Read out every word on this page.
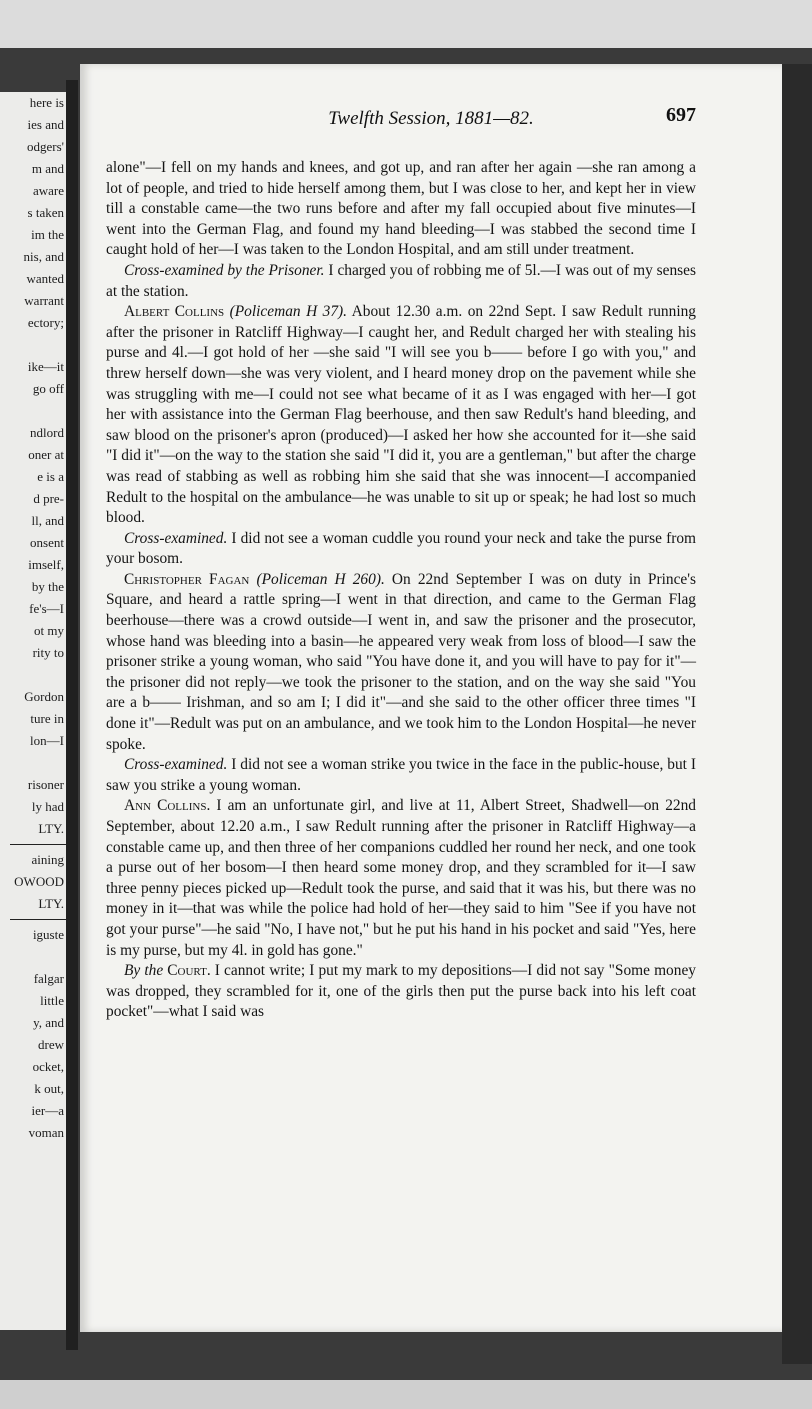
here is
ies and
odgers'
m and
aware
s taken
im the
nis, and
wanted
warrant
ectory;

ike—it
go off

ndlord
oner at
e is a
d pre-
ll, and
onsent
imself,
by the
fe's—I
ot my
rity to

Gordon
ture in
lon—I

risoner
ly had
LTY.
aining
OWOOD
LTY.
iguste

falgar
little
y, and
drew
ocket,
k out,
ier—a
voman
Twelfth Session, 1881—82.	697

alone"—I fell on my hands and knees, and got up, and ran after her again —she ran among a lot of people, and tried to hide herself among them, but I was close to her, and kept her in view till a constable came—the two runs before and after my fall occupied about five minutes—I went into the German Flag, and found my hand bleeding—I was stabbed the second time I caught hold of her—I was taken to the London Hospital, and am still under treatment.

Cross-examined by the Prisoner. I charged you of robbing me of 5l.—I was out of my senses at the station.

Albert Collins (Policeman H 37). About 12.30 a.m. on 22nd Sept. I saw Redult running after the prisoner in Ratcliff Highway—I caught her, and Redult charged her with stealing his purse and 4l.—I got hold of her —she said "I will see you b—— before I go with you," and threw herself down—she was very violent, and I heard money drop on the pavement while she was struggling with me—I could not see what became of it as I was engaged with her—I got her with assistance into the German Flag beerhouse, and then saw Redult's hand bleeding, and saw blood on the prisoner's apron (produced)—I asked her how she accounted for it—she said "I did it"—on the way to the station she said "I did it, you are a gentleman," but after the charge was read of stabbing as well as robbing him she said that she was innocent—I accompanied Redult to the hospital on the ambulance—he was unable to sit up or speak; he had lost so much blood.

Cross-examined. I did not see a woman cuddle you round your neck and take the purse from your bosom.

Christopher Fagan (Policeman H 260). On 22nd September I was on duty in Prince's Square, and heard a rattle spring—I went in that direction, and came to the German Flag beerhouse—there was a crowd outside—I went in, and saw the prisoner and the prosecutor, whose hand was bleeding into a basin—he appeared very weak from loss of blood—I saw the prisoner strike a young woman, who said "You have done it, and you will have to pay for it"—the prisoner did not reply—we took the prisoner to the station, and on the way she said "You are a b—— Irishman, and so am I; I did it"—and she said to the other officer three times "I done it"—Redult was put on an ambulance, and we took him to the London Hospital—he never spoke.

Cross-examined. I did not see a woman strike you twice in the face in the public-house, but I saw you strike a young woman.

Ann Collins. I am an unfortunate girl, and live at 11, Albert Street, Shadwell—on 22nd September, about 12.20 a.m., I saw Redult running after the prisoner in Ratcliff Highway—a constable came up, and then three of her companions cuddled her round her neck, and one took a purse out of her bosom—I then heard some money drop, and they scrambled for it—I saw three penny pieces picked up—Redult took the purse, and said that it was his, but there was no money in it—that was while the police had hold of her—they said to him "See if you have not got your purse"—he said "No, I have not," but he put his hand in his pocket and said "Yes, here is my purse, but my 4l. in gold has gone."

By the Court. I cannot write; I put my mark to my depositions—I did not say "Some money was dropped, they scrambled for it, one of the girls then put the purse back into his left coat pocket"—what I said was
